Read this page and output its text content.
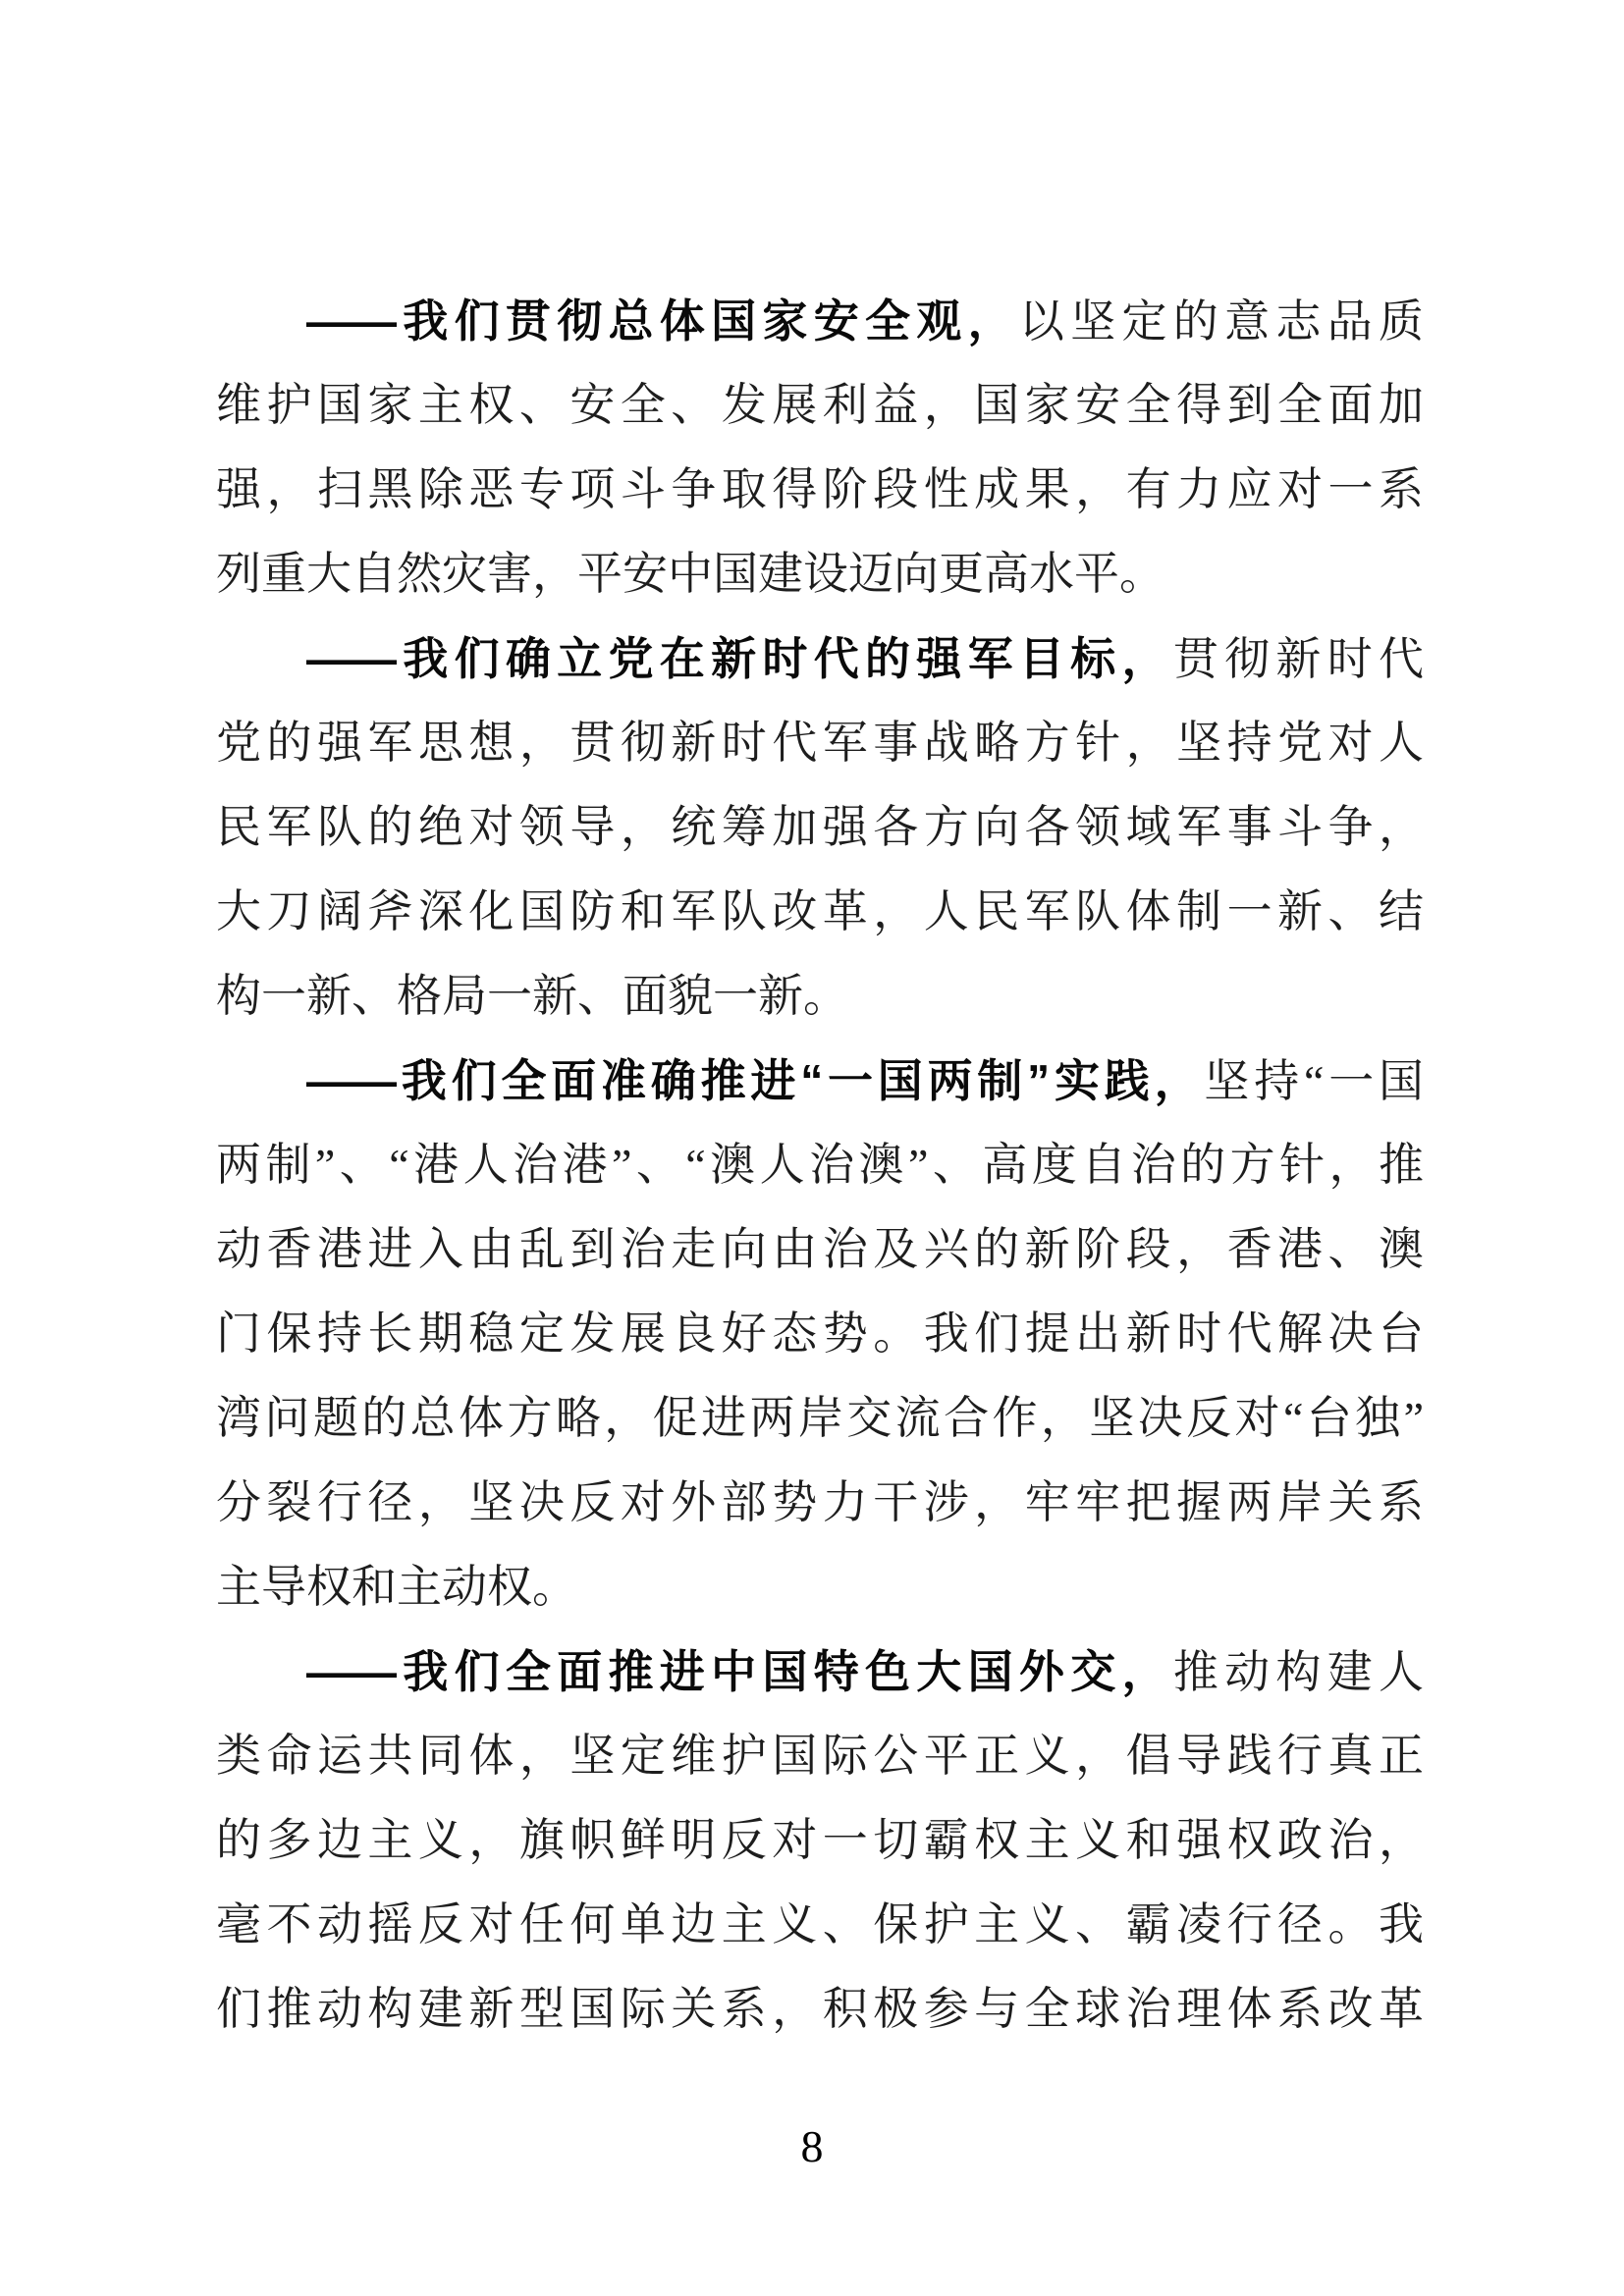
——我们贯彻总体国家安全观，以坚定的意志品质
维护国家主权、安全、发展利益，国家安全得到全面加
强，扫黑除恶专项斗争取得阶段性成果，有力应对一系
列重大自然灾害，平安中国建设迈向更高水平。
——我们确立党在新时代的强军目标，贯彻新时代
党的强军思想，贯彻新时代军事战略方针，坚持党对人
民军队的绝对领导，统筹加强各方向各领域军事斗争，
大刀阔斧深化国防和军队改革，人民军队体制一新、结
构一新、格局一新、面貌一新。
——我们全面准确推进“一国两制”实践，坚持“一国
两制”、“港人治港”、“澳人治澳”、高度自治的方针，推
动香港进入由乱到治走向由治及兴的新阶段，香港、澳
门保持长期稳定发展良好态势。我们提出新时代解决台
湾问题的总体方略，促进两岸交流合作，坚决反对“台独”
分裂行径，坚决反对外部势力干涉，牢牢把握两岸关系
主导权和主动权。
——我们全面推进中国特色大国外交，推动构建人
类命运共同体，坚定维护国际公平正义，倡导践行真正
的多边主义，旗帜鲜明反对一切霸权主义和强权政治，
毫不动摇反对任何单边主义、保护主义、霸凌行径。我
们推动构建新型国际关系，积极参与全球治理体系改革
8
